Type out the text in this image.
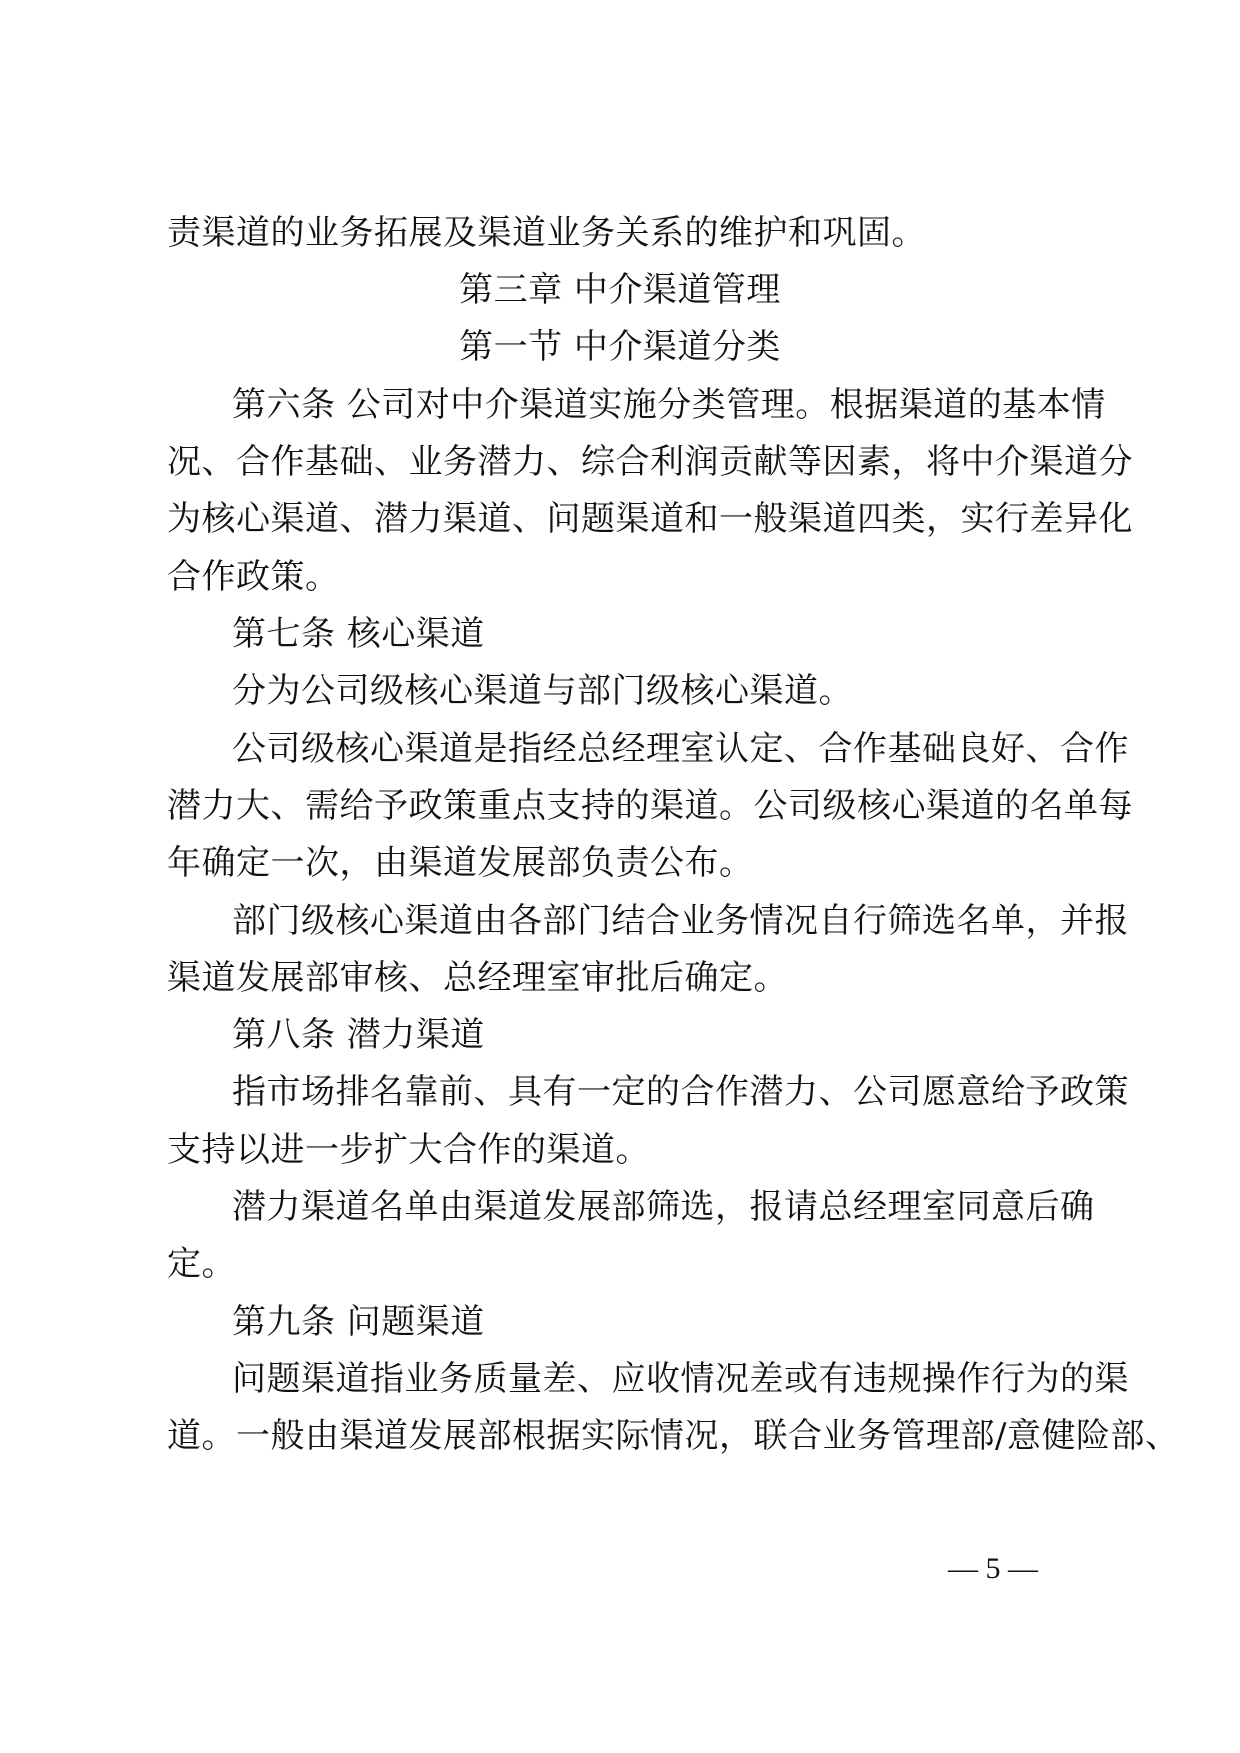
责渠道的业务拓展及渠道业务关系的维护和巩固。
第三章 中介渠道管理
第一节 中介渠道分类
第六条 公司对中介渠道实施分类管理。根据渠道的基本情
况、合作基础、业务潜力、综合利润贡献等因素，将中介渠道分
为核心渠道、潜力渠道、问题渠道和一般渠道四类，实行差异化
合作政策。
第七条 核心渠道
分为公司级核心渠道与部门级核心渠道。
公司级核心渠道是指经总经理室认定、合作基础良好、合作
潜力大、需给予政策重点支持的渠道。公司级核心渠道的名单每
年确定一次，由渠道发展部负责公布。
部门级核心渠道由各部门结合业务情况自行筛选名单，并报
渠道发展部审核、总经理室审批后确定。
第八条 潜力渠道
指市场排名靠前、具有一定的合作潜力、公司愿意给予政策
支持以进一步扩大合作的渠道。
潜力渠道名单由渠道发展部筛选，报请总经理室同意后确
定。
第九条 问题渠道
问题渠道指业务质量差、应收情况差或有违规操作行为的渠
道。一般由渠道发展部根据实际情况，联合业务管理部/意健险部、
— 5 —
